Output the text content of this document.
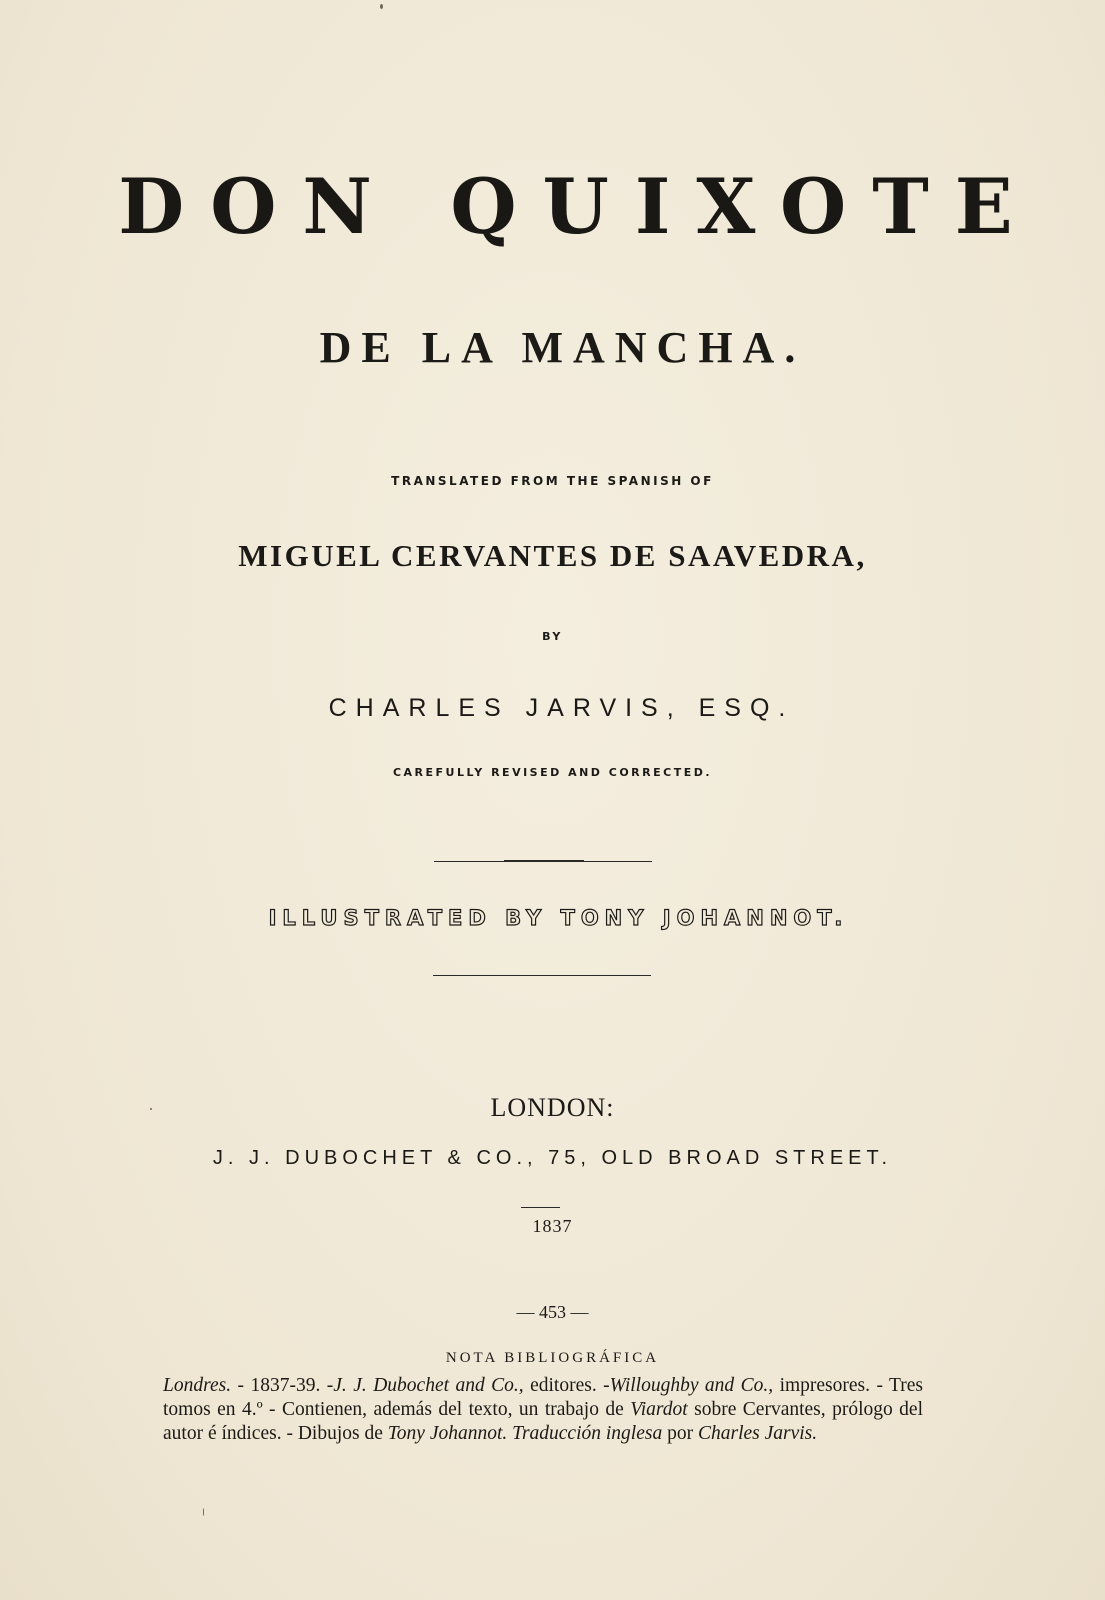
DON QUIXOTE
DE LA MANCHA.
TRANSLATED FROM THE SPANISH OF
MIGUEL CERVANTES DE SAAVEDRA,
BY
CHARLES JARVIS, ESQ.
CAREFULLY REVISED AND CORRECTED.
ILLUSTRATED BY TONY JOHANNOT.
LONDON:
J. J. DUBOCHET & CO., 75, OLD BROAD STREET.
1837
— 453 —
NOTA BIBLIOGRÁFICA
Londres. - 1837-39. -J. J. Dubochet and Co., editores. -Willoughby and Co., impresores. - Tres tomos en 4.º - Contienen, además del texto, un trabajo de Viardot sobre Cervantes, prólogo del autor é índices. - Dibujos de Tony Johannot. Traducción inglesa por Charles Jarvis.
